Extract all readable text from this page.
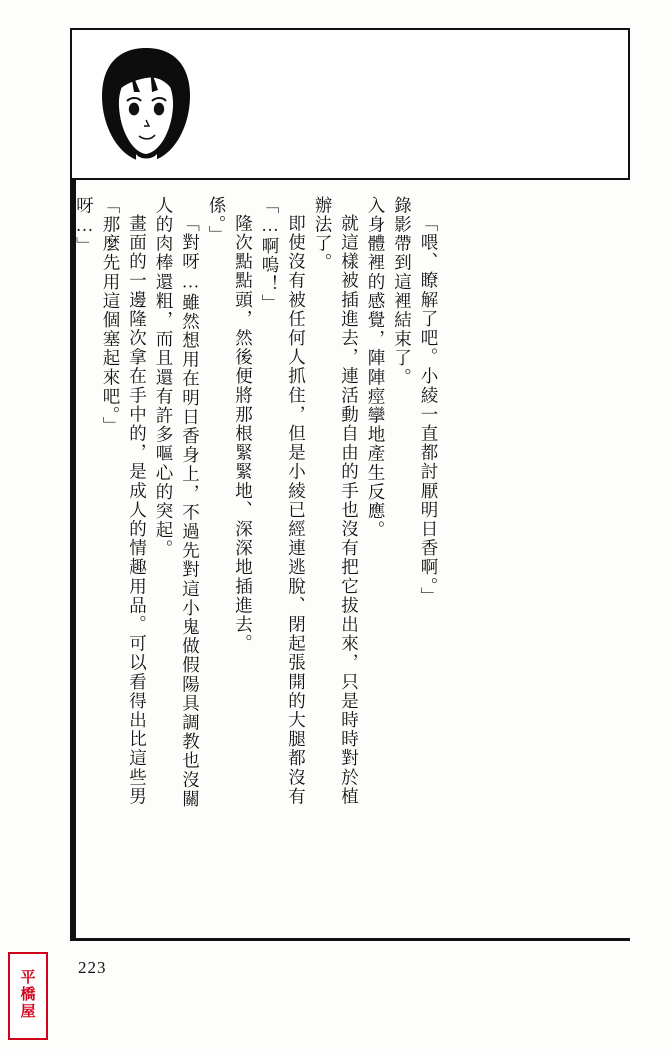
呀…」 「那麼先用這個塞起來吧。」 畫面的一邊隆次拿在手中的，是成人的情趣用品。可以看得出比這些男 人的肉棒還粗，而且還有許多嘔心的突起。 「對呀…雖然想用在明日香身上，不過先對這小鬼做假陽具調教也沒關 係。」 隆次點點頭，然後便將那根緊緊地、深深地插進去。 「…啊嗚！」 即使沒有被任何人抓住，但是小綾已經連逃脫、閉起張開的大腿都沒有 辦法了。 就這樣被插進去，連活動自由的手也沒有把它拔出來，只是時時對於植 入身體裡的感覺，陣陣痙攣地產生反應。 錄影帶到這裡結束了。 「喂、瞭解了吧。小綾一直都討厭明日香啊。」
223
平
橋
屋
